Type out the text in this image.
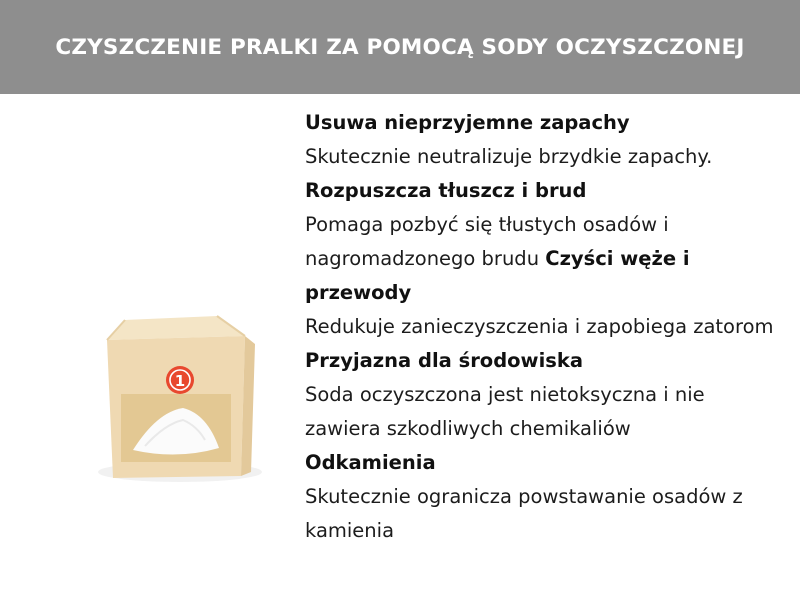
CZYSZCZENIE PRALKI ZA POMOCĄ SODY OCZYSZCZONEJ
1

Usuwa nieprzyjemne zapachy

Skutecznie neutralizuje brzydkie zapachy.

Rozpuszcza tłuszcz i brud

Pomaga pozbyć się tłustych osadów i nagromadzonego brudu Czyści węże i przewody

Redukuje zanieczyszczenia i zapobiega zatorom

Przyjazna dla środowiska

Soda oczyszczona jest nietoksyczna i nie zawiera szkodliwych chemikaliów

Odkamienia

Skutecznie ogranicza powstawanie osadów z kamienia
